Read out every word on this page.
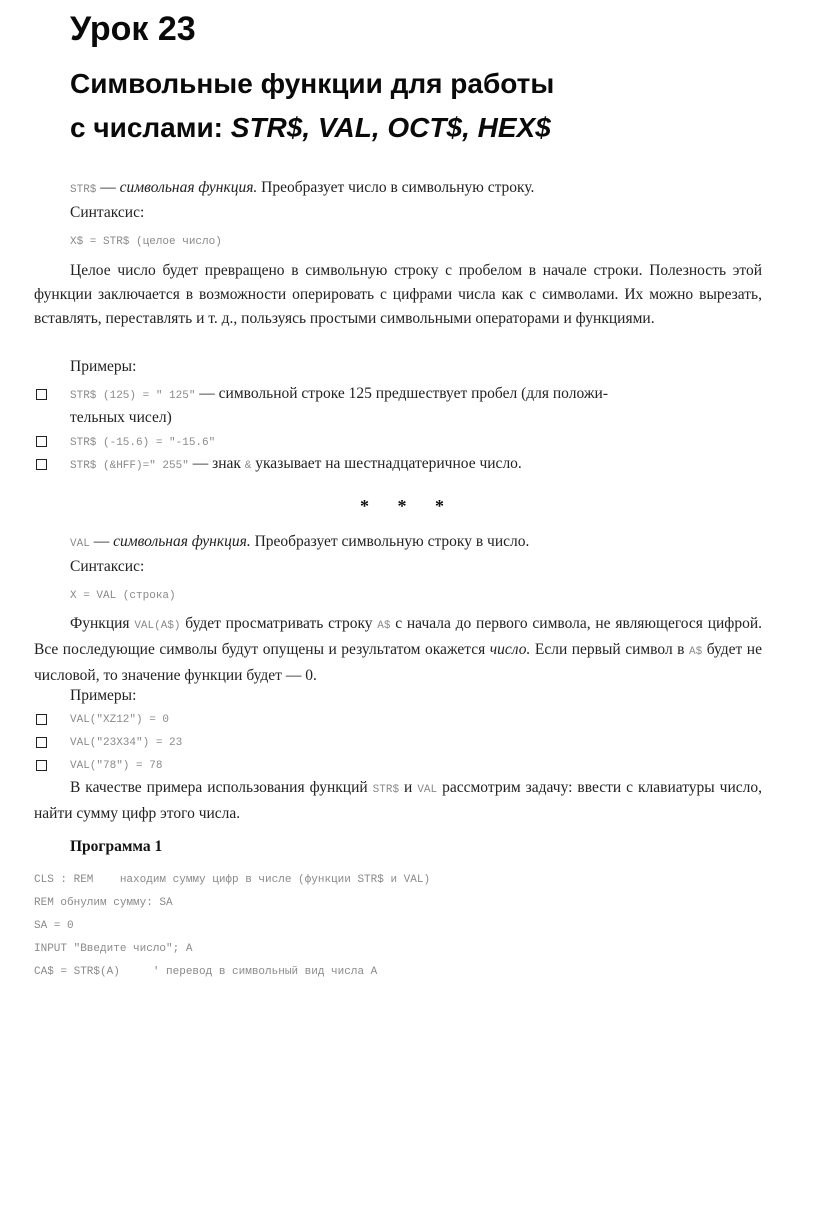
Урок 23
Символьные функции для работы
с числами: STR$, VAL, OCT$, HEX$
STR$ — символьная функция. Преобразует число в символьную строку.
Синтаксис:
X$ = STR$ (целое число)
Целое число будет превращено в символьную строку с пробелом в начале строки. Полезность этой функции заключается в возможности оперировать с цифрами числа как с символами. Их можно вырезать, вставлять, переставлять и т. д., пользуясь простыми символьными операторами и функциями.
Примеры:
STR$ (125) = " 125" — символьной строке 125 предшествует пробел (для положи-
тельных чисел)
STR$ (-15.6) = "-15.6"
STR$ (&HFF)=" 255" — знак & указывает на шестнадцатеричное число.
* * *
VAL — символьная функция. Преобразует символьную строку в число.
Синтаксис:
X = VAL (строка)
Функция VAL(A$) будет просматривать строку A$ с начала до первого символа, не являющегося цифрой. Все последующие символы будут опущены и результатом окажется число. Если первый символ в A$ будет не числовой, то значение функции будет — 0.
Примеры:
VAL("XZ12") = 0
VAL("23X34") = 23
VAL("78") = 78
В качестве примера использования функций STR$ и VAL рассмотрим задачу: ввести с клавиатуры число, найти сумму цифр этого числа.
Программа 1
CLS : REM    находим сумму цифр в числе (функции STR$ и VAL)
REM обнулим сумму: SA
SA = 0
INPUT "Введите число"; A
CA$ = STR$(A)     ' перевод в символьный вид числа A
